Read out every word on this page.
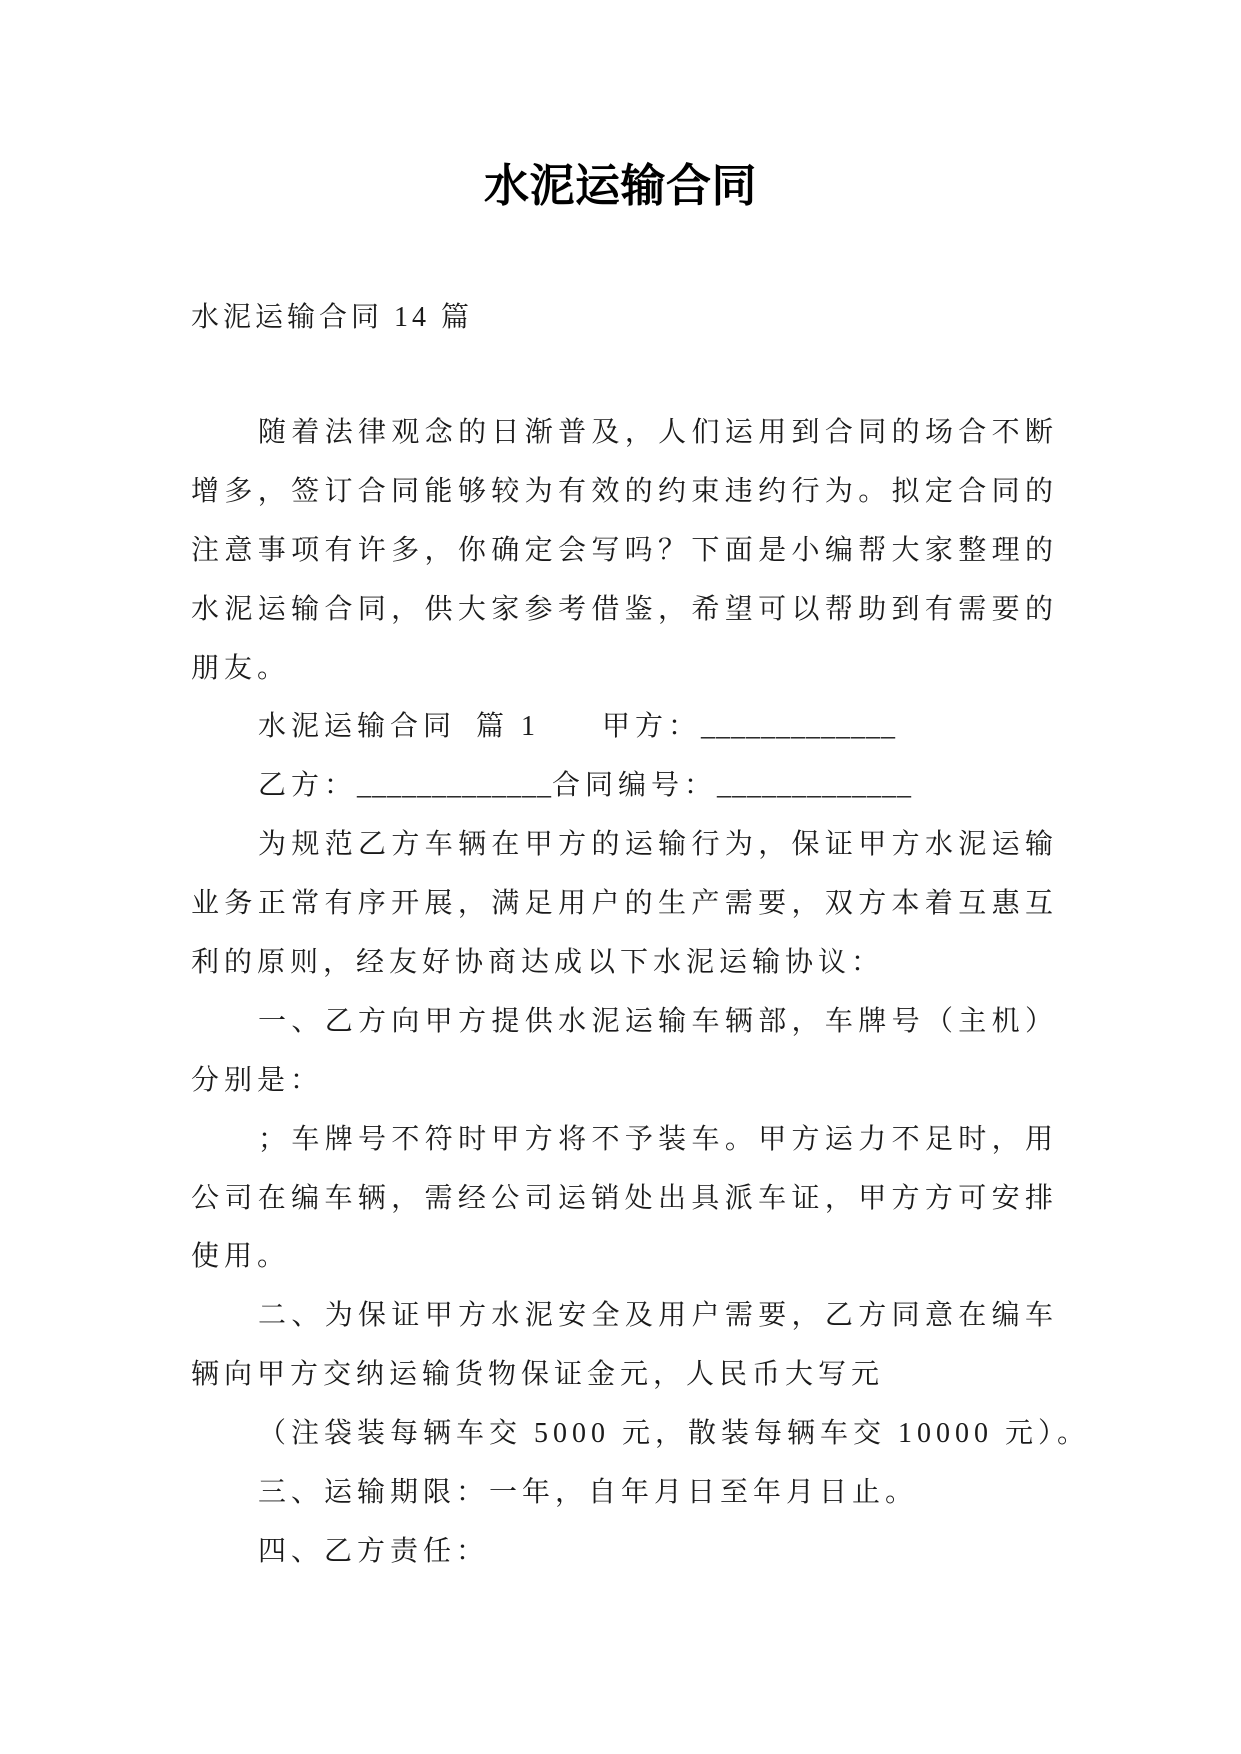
水泥运输合同
水泥运输合同 14 篇
随着法律观念的日渐普及，人们运用到合同的场合不断
增多，签订合同能够较为有效的约束违约行为。拟定合同的
注意事项有许多，你确定会写吗？下面是小编帮大家整理的
水泥运输合同，供大家参考借鉴，希望可以帮助到有需要的
朋友。
水泥运输合同 篇 1 甲方： _____________
乙方： _____________ 合同编号： _____________
为规范乙方车辆在甲方的运输行为，保证甲方水泥运输
业务正常有序开展，满足用户的生产需要，双方本着互惠互
利的原则，经友好协商达成以下水泥运输协议：
一、乙方向甲方提供水泥运输车辆部，车牌号（主机）
分别是：
；车牌号不符时甲方将不予装车。甲方运力不足时，用
公司在编车辆，需经公司运销处出具派车证，甲方方可安排
使用。
二、为保证甲方水泥安全及用户需要，乙方同意在编车
辆向甲方交纳运输货物保证金元，人民币大写元
（注袋装每辆车交 5000 元，散装每辆车交 10000 元）。
三、运输期限：一年，自年月日至年月日止。
四、乙方责任：
